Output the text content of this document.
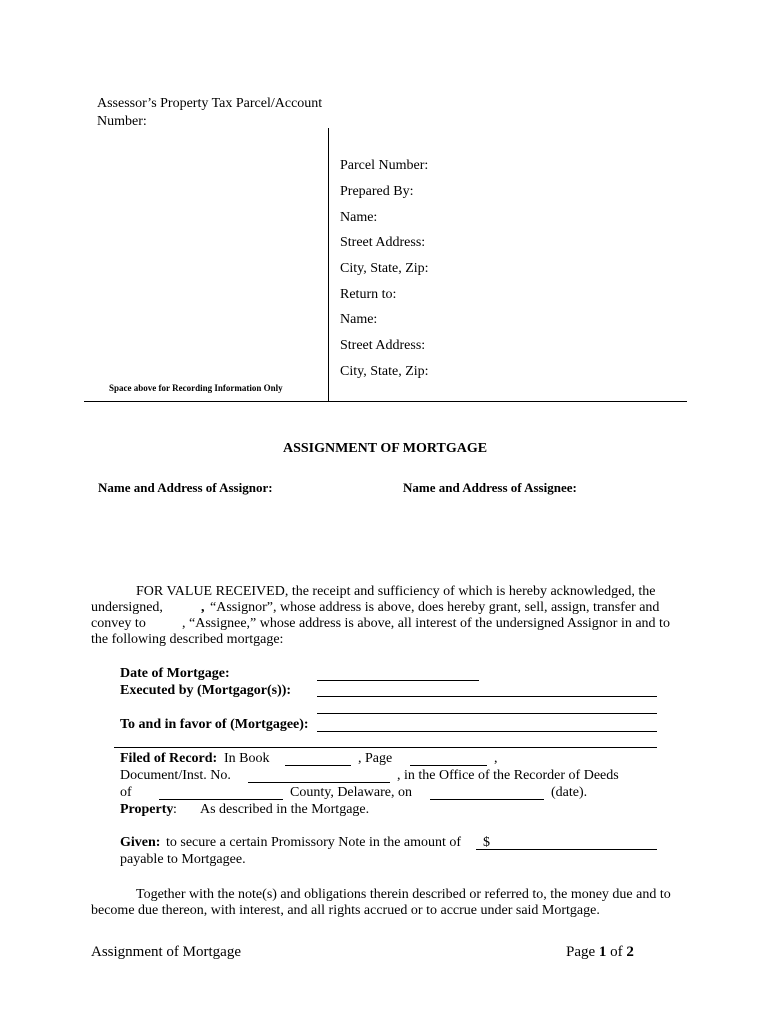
Assessor’s Property Tax Parcel/Account
Number:
Space above for Recording Information Only
Parcel Number:
Prepared By:
Name:
Street Address:
City, State, Zip:
Return to:
Name:
Street Address:
City, State, Zip:
ASSIGNMENT OF MORTGAGE
Name and Address of Assignor:	Name and Address of Assignee:
FOR VALUE RECEIVED, the receipt and sufficiency of which is hereby acknowledged, the
undersigned,	, “Assignor”, whose address is above, does hereby grant, sell, assign, transfer and
convey to	, “Assignee,” whose address is above, all interest of the undersigned Assignor in and to
the following described mortgage:
Date of Mortgage:
Executed by (Mortgagor(s)):
To and in favor of (Mortgagee):
Filed of Record: In Book	, Page	,
Document/Inst. No.	, in the Office of the Recorder of Deeds
of	County, Delaware, on	(date).
Property : As described in the Mortgage.
Given: to secure a certain Promissory Note in the amount of $
payable to Mortgagee.
Together with the note(s) and obligations therein described or referred to, the money due and to
become due thereon, with interest, and all rights accrued or to accrue under said Mortgage.
Assignment of Mortgage	Page 1 of 2
